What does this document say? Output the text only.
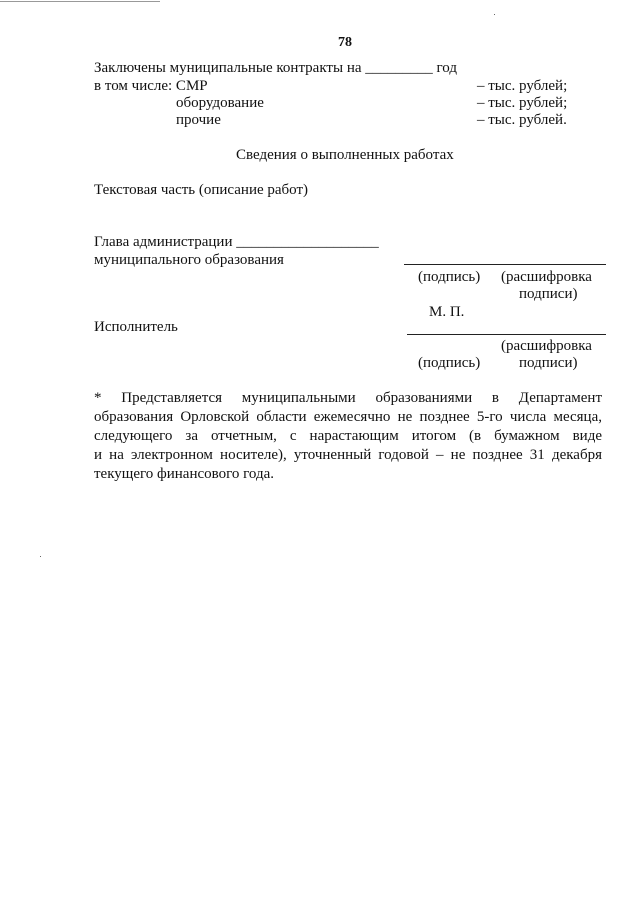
78
Заключены муниципальные контракты на _________ год
в том числе: СМР	– тыс. рублей;
оборудование	– тыс. рублей;
прочие	– тыс. рублей.
Сведения о выполненных работах
Текстовая часть (описание работ)
Глава администрации ___________________
муниципального образования
(подпись) (расшифровка
подписи)
М. П.
Исполнитель
(расшифровка
(подпись)	подписи)
* Представляется муниципальными образованиями в Департамент
образования Орловской области ежемесячно не позднее 5-го числа месяца,
следующего за отчетным, с нарастающим итогом (в бумажном виде
и на электронном носителе), уточненный годовой – не позднее 31 декабря
текущего финансового года.
